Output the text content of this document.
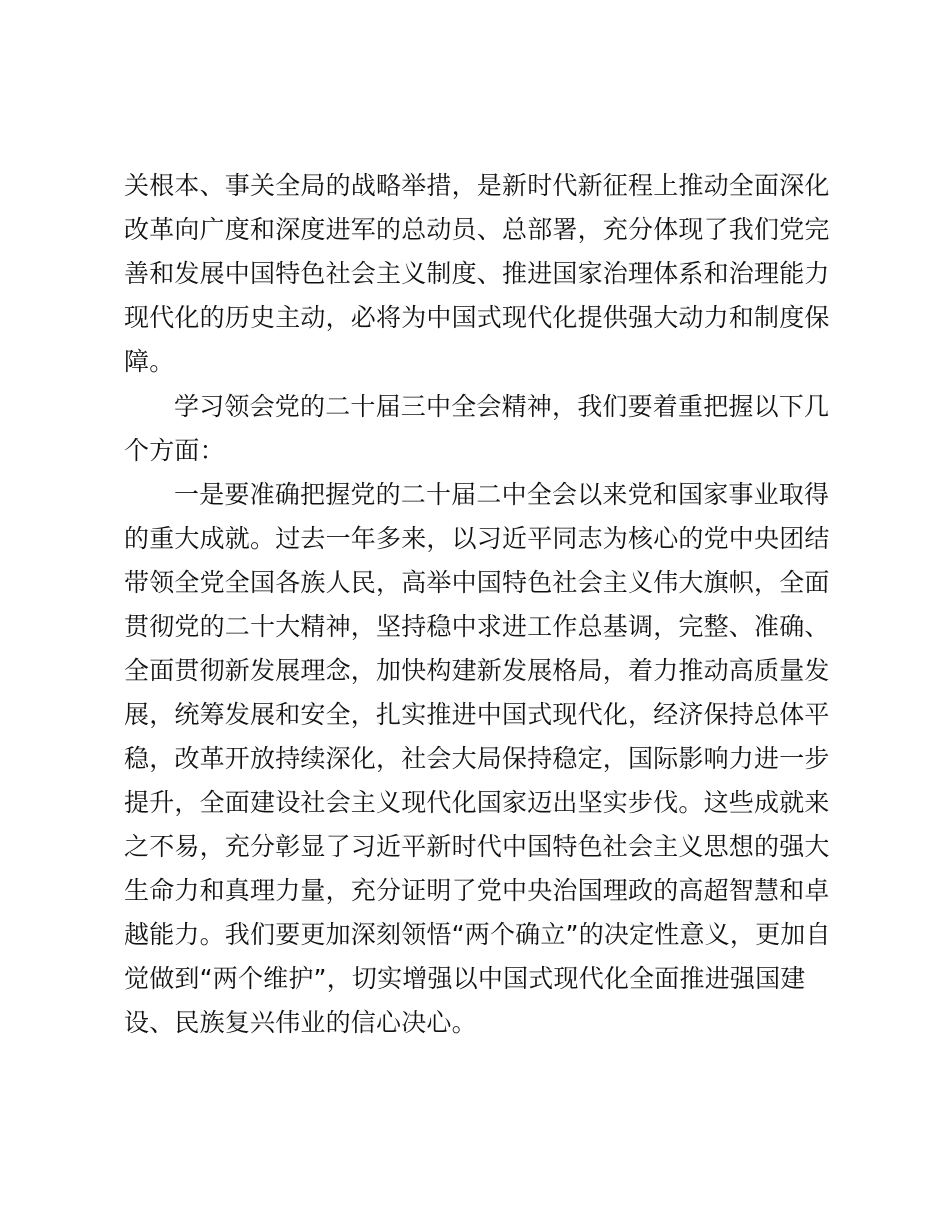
关根本、事关全局的战略举措，是新时代新征程上推动全面深化
改革向广度和深度进军的总动员、总部署，充分体现了我们党完
善和发展中国特色社会主义制度、推进国家治理体系和治理能力
现代化的历史主动，必将为中国式现代化提供强大动力和制度保
障。
学习领会党的二十届三中全会精神，我们要着重把握以下几
个方面：
一是要准确把握党的二十届二中全会以来党和国家事业取得
的重大成就。过去一年多来，以习近平同志为核心的党中央团结
带领全党全国各族人民，高举中国特色社会主义伟大旗帜，全面
贯彻党的二十大精神，坚持稳中求进工作总基调，完整、准确、
全面贯彻新发展理念，加快构建新发展格局，着力推动高质量发
展，统筹发展和安全，扎实推进中国式现代化，经济保持总体平
稳，改革开放持续深化，社会大局保持稳定，国际影响力进一步
提升，全面建设社会主义现代化国家迈出坚实步伐。这些成就来
之不易，充分彰显了习近平新时代中国特色社会主义思想的强大
生命力和真理力量，充分证明了党中央治国理政的高超智慧和卓
越能力。我们要更加深刻领悟“两个确立”的决定性意义，更加自
觉做到“两个维护”，切实增强以中国式现代化全面推进强国建
设、民族复兴伟业的信心决心。
